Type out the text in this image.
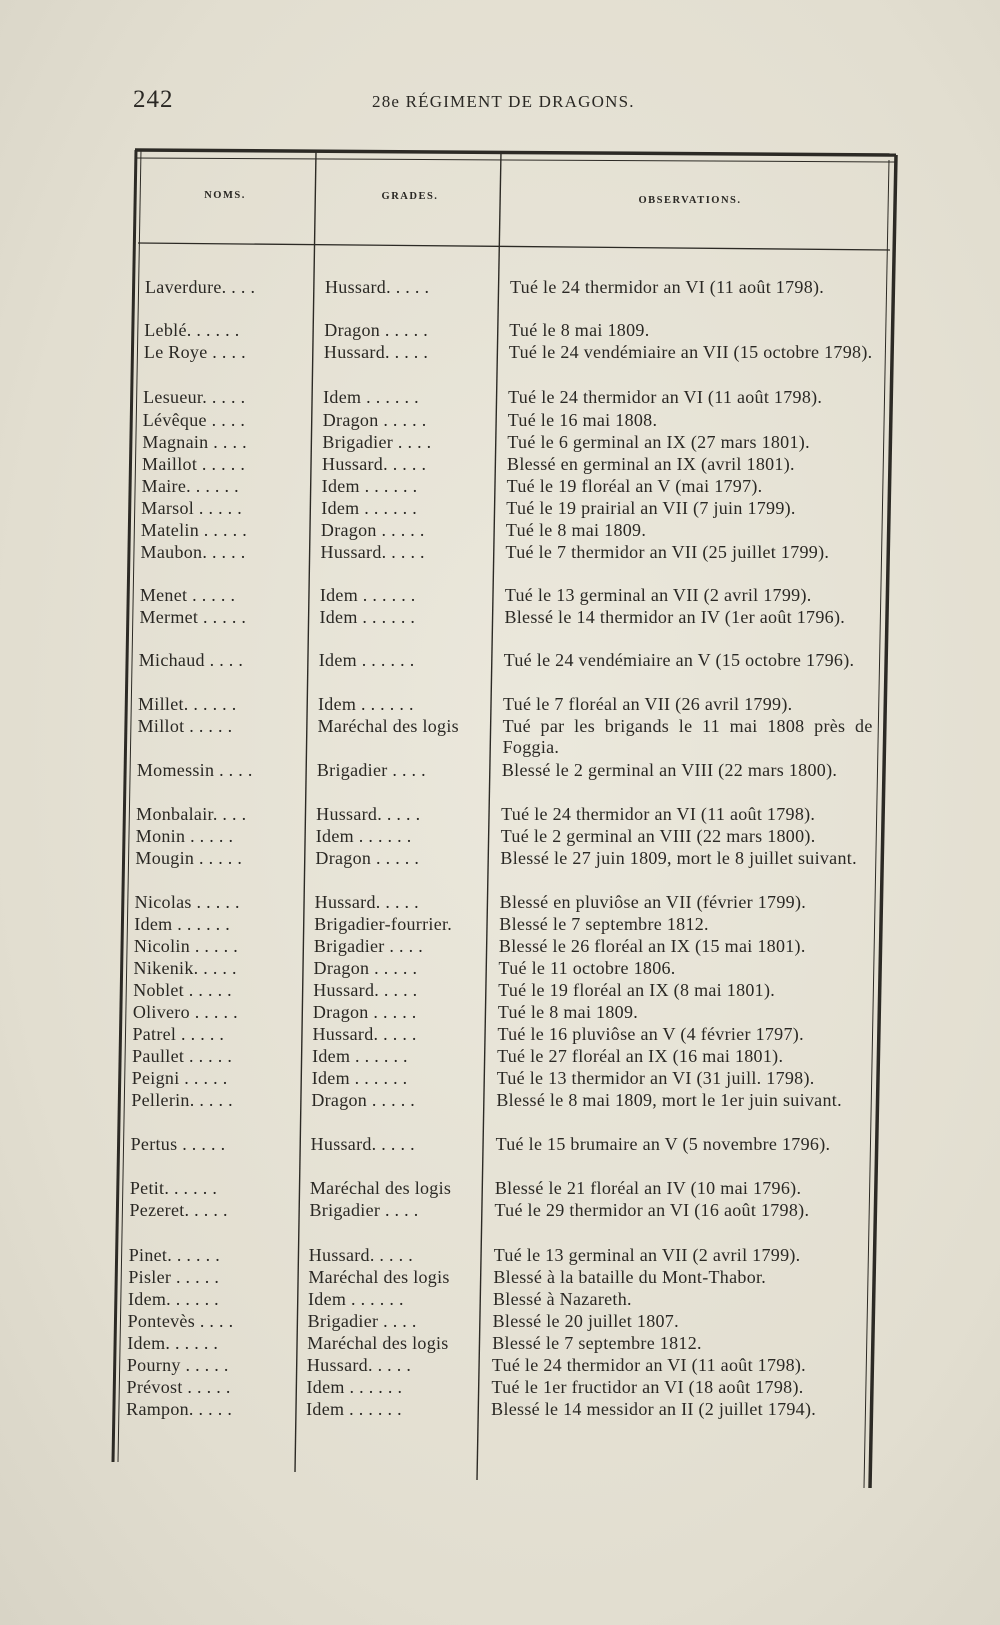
242	28e RÉGIMENT DE DRAGONS.
NOMS.	GRADES.	OBSERVATIONS.
Laverdure. . . .	Hussard. . . . .	Tué le 24 thermidor an VI (11 août 1798).
Leblé. . . . . .	Dragon . . . . .	Tué le 8 mai 1809.
Le Roye . . . .	Hussard. . . . .	Tué le 24 vendémiaire an VII (15 octobre 1798).
Lesueur. . . . .	Idem . . . . . .	Tué le 24 thermidor an VI (11 août 1798).
Lévêque . . . .	Dragon . . . . .	Tué le 16 mai 1808.
Magnain . . . .	Brigadier . . . .	Tué le 6 germinal an IX (27 mars 1801).
Maillot . . . . .	Hussard. . . . .	Blessé en germinal an IX (avril 1801).
Maire. . . . . .	Idem . . . . . .	Tué le 19 floréal an V (mai 1797).
Marsol . . . . .	Idem . . . . . .	Tué le 19 prairial an VII (7 juin 1799).
Matelin . . . . .	Dragon . . . . .	Tué le 8 mai 1809.
Maubon. . . . .	Hussard. . . . .	Tué le 7 thermidor an VII (25 juillet 1799).
Menet . . . . .	Idem . . . . . .	Tué le 13 germinal an VII (2 avril 1799).
Mermet . . . . .	Idem . . . . . .	Blessé le 14 thermidor an IV (1er août 1796).
Michaud . . . .	Idem . . . . . .	Tué le 24 vendémiaire an V (15 octobre 1796).
Millet. . . . . .	Idem . . . . . .	Tué le 7 floréal an VII (26 avril 1799).
Millot . . . . .	Maréchal des logis Tué par les brigands le 11 mai 1808 près de Foggia.
Momessin . . . .	Brigadier . . . .	Blessé le 2 germinal an VIII (22 mars 1800).
Monbalair. . . .	Hussard. . . . .	Tué le 24 thermidor an VI (11 août 1798).
Monin . . . . .	Idem . . . . . .	Tué le 2 germinal an VIII (22 mars 1800).
Mougin . . . . .	Dragon . . . . .	Blessé le 27 juin 1809, mort le 8 juillet suivant.
Nicolas . . . . .	Hussard. . . . .	Blessé en pluviôse an VII (février 1799).
Idem . . . . . .	Brigadier-fourrier.	Blessé le 7 septembre 1812.
Nicolin . . . . .	Brigadier . . . .	Blessé le 26 floréal an IX (15 mai 1801).
Nikenik. . . . .	Dragon . . . . .	Tué le 11 octobre 1806.
Noblet . . . . .	Hussard. . . . .	Tué le 19 floréal an IX (8 mai 1801).
Olivero . . . . .	Dragon . . . . .	Tué le 8 mai 1809.
Patrel . . . . .	Hussard. . . . .	Tué le 16 pluviôse an V (4 février 1797).
Paullet . . . . .	Idem . . . . . .	Tué le 27 floréal an IX (16 mai 1801).
Peigni . . . . .	Idem . . . . . .	Tué le 13 thermidor an VI (31 juill. 1798).
Pellerin. . . . .	Dragon . . . . .	Blessé le 8 mai 1809, mort le 1er juin suivant.
Pertus . . . . .	Hussard. . . . .	Tué le 15 brumaire an V (5 novembre 1796).
Petit. . . . . .	Maréchal des logis Blessé le 21 floréal an IV (10 mai 1796).
Pezeret. . . . .	Brigadier . . . .	Tué le 29 thermidor an VI (16 août 1798).
Pinet. . . . . .	Hussard. . . . .	Tué le 13 germinal an VII (2 avril 1799).
Pisler . . . . .	Maréchal des logis Blessé à la bataille du Mont-Thabor.
Idem. . . . . .	Idem . . . . . .	Blessé à Nazareth.
Pontevès . . . .	Brigadier . . . .	Blessé le 20 juillet 1807.
Idem. . . . . .	Maréchal des logis Blessé le 7 septembre 1812.
Pourny . . . . .	Hussard. . . . .	Tué le 24 thermidor an VI (11 août 1798).
Prévost . . . . .	Idem . . . . . .	Tué le 1er fructidor an VI (18 août 1798).
Rampon. . . . .	Idem . . . . . .	Blessé le 14 messidor an II (2 juillet 1794).
